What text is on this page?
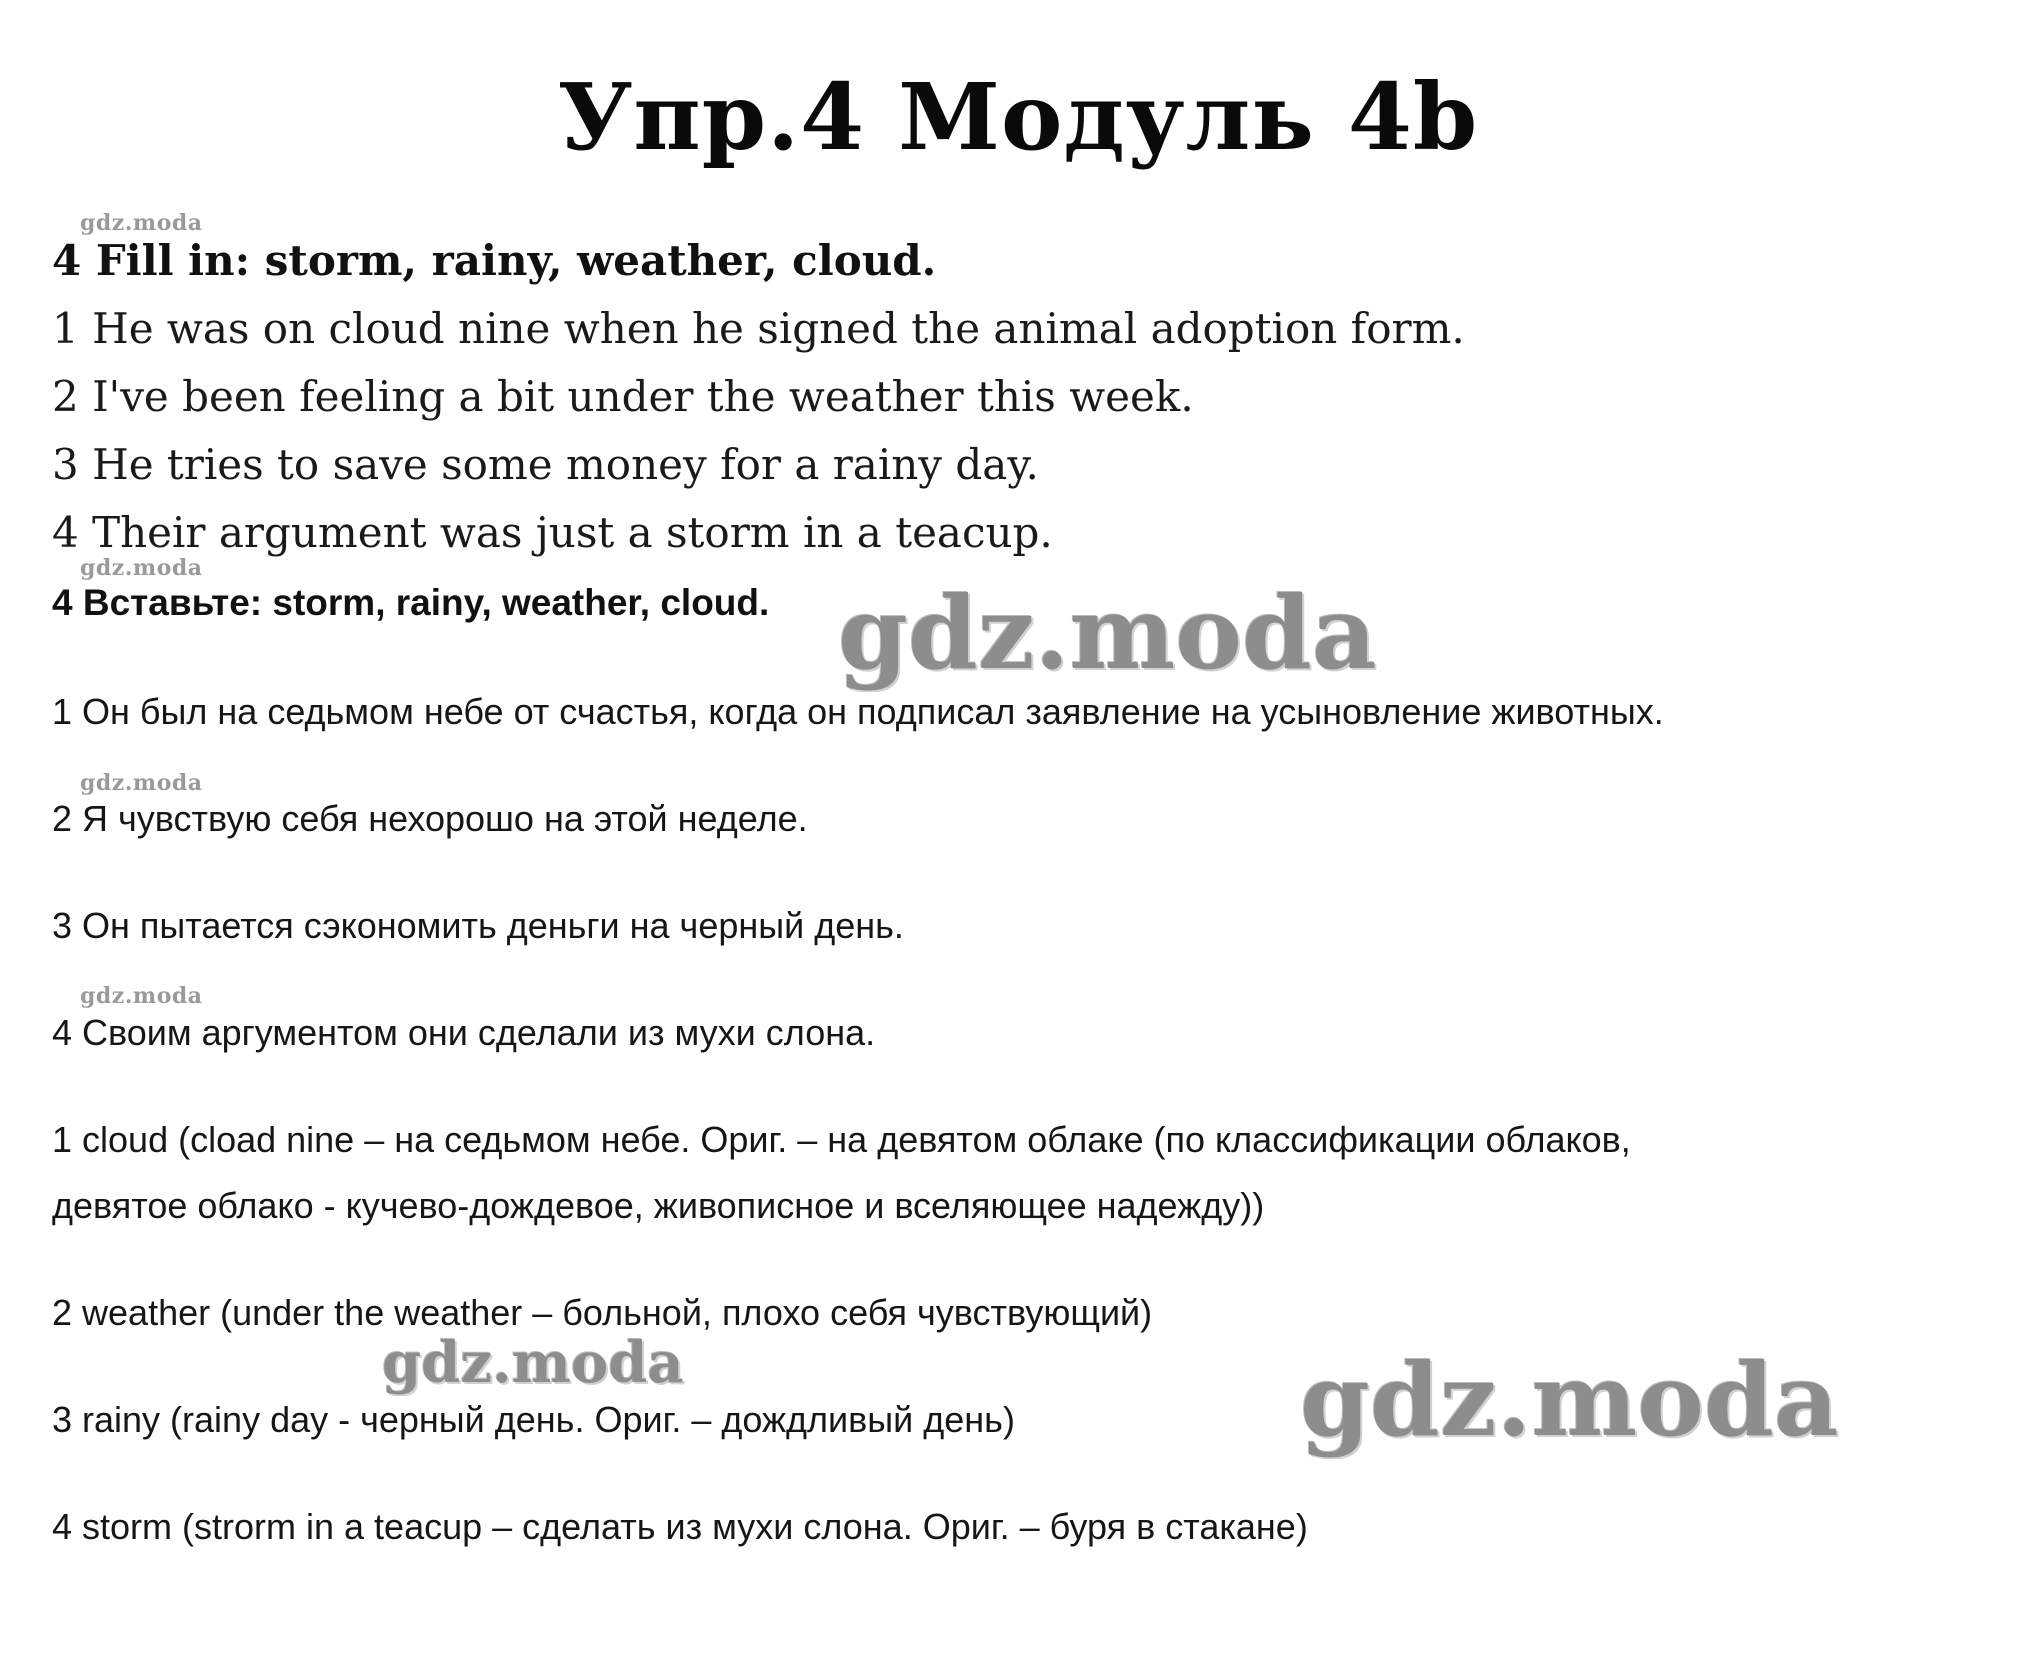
Упр.4 Модуль 4b
gdz.moda
gdz.moda
gdz.moda
gdz.moda
4 Fill in: storm, rainy, weather, cloud.
1 He was on cloud nine when he signed the animal adoption form.
2 I've been feeling a bit under the weather this week.
3 He tries to save some money for a rainy day.
4 Their argument was just a storm in a teacup.
4 Вставьте: storm, rainy, weather, cloud.
1 Он был на седьмом небе от счастья, когда он подписал заявление на усыновление животных.
2 Я чувствую себя нехорошо на этой неделе.
3 Он пытается сэкономить деньги на черный день.
4 Своим аргументом они сделали из мухи слона.
1 cloud (cload nine – на седьмом небе. Ориг. – на девятом облаке (по классификации облаков,
девятое облако - кучево-дождевое, живописное и вселяющее надежду))
2 weather (under the weather – больной, плохо себя чувствующий)
3 rainy (rainy day - черный день. Ориг. – дождливый день)
4 storm (strorm in a teacup – сделать из мухи слона. Ориг. – буря в стакане)
gdz.moda
gdz.moda	gdz.moda
